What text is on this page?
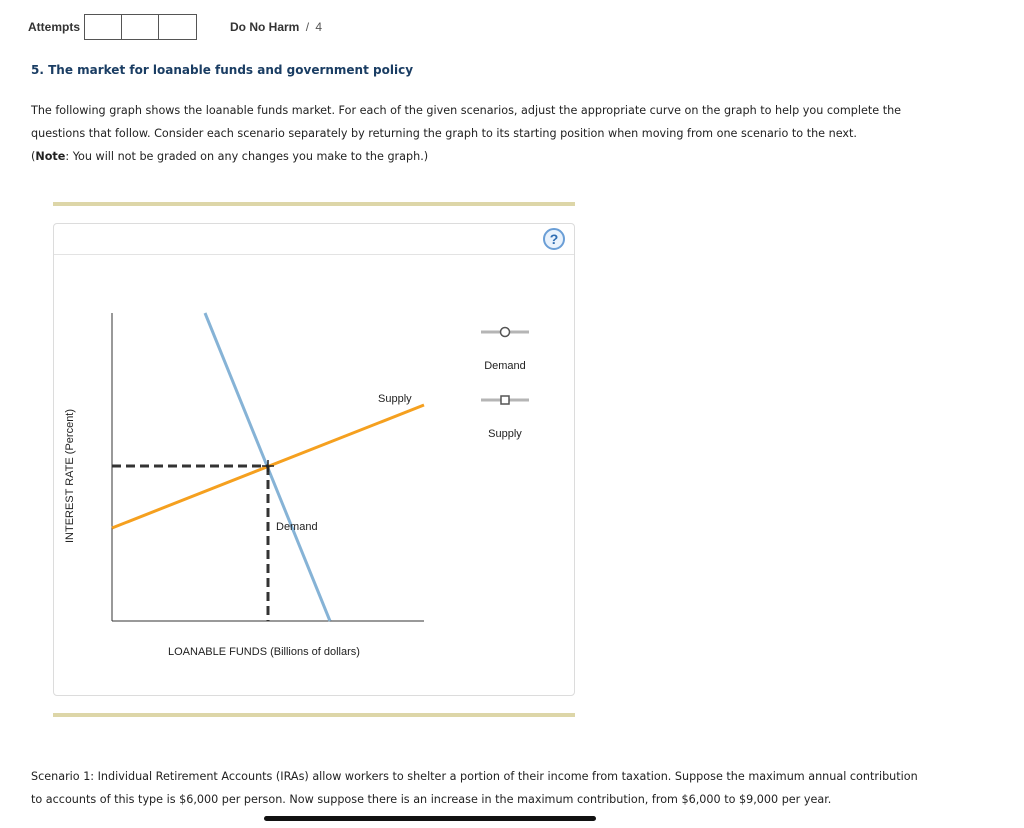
Attempts	Do No Harm / 4
5. The market for loanable funds and government policy

The following graph shows the loanable funds market. For each of the given scenarios, adjust the appropriate curve on the graph to help you complete the questions that follow. Consider each scenario separately by returning the graph to its starting position when moving from one scenario to the next.
(Note: You will not be graded on any changes you make to the graph.)

?
INTEREST RATE (Percent)
LOANABLE FUNDS (Billions of dollars)
Supply
Demand
Demand
Supply

Scenario 1: Individual Retirement Accounts (IRAs) allow workers to shelter a portion of their income from taxation. Suppose the maximum annual contribution to accounts of this type is $6,000 per person. Now suppose there is an increase in the maximum contribution, from $6,000 to $9,000 per year.
